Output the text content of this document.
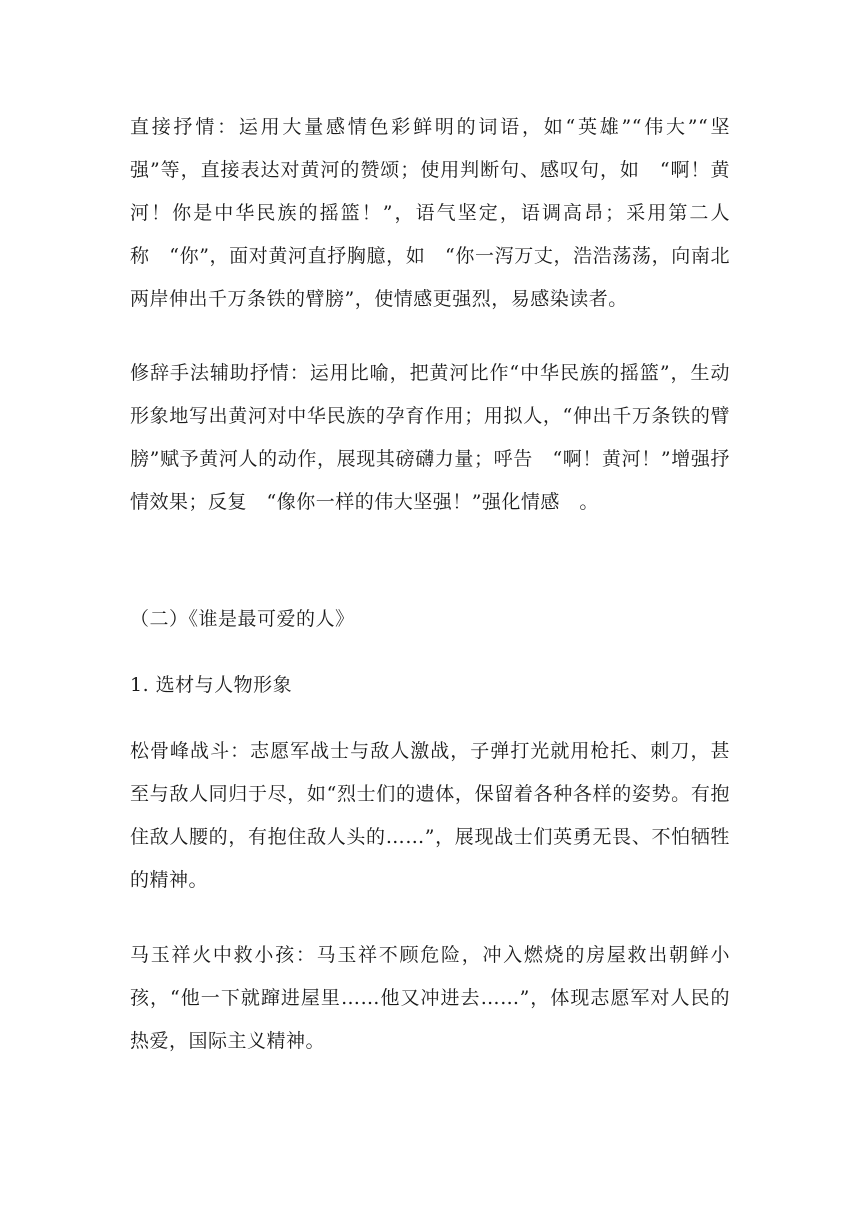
直接抒情：运用大量感情色彩鲜明的词语，如“英雄”“伟大”“坚强”等，直接表达对黄河的赞颂；使用判断句、感叹句，如　“啊！黄河！你是中华民族的摇篮！”，语气坚定，语调高昂；采用第二人称　“你”，面对黄河直抒胸臆，如　“你一泻万丈，浩浩荡荡，向南北两岸伸出千万条铁的臂膀”，使情感更强烈，易感染读者。

修辞手法辅助抒情：运用比喻，把黄河比作“中华民族的摇篮”，生动形象地写出黄河对中华民族的孕育作用；用拟人，“伸出千万条铁的臂膀”赋予黄河人的动作，展现其磅礴力量；呼告　“啊！黄河！”增强抒情效果；反复　“像你一样的伟大坚强！”强化情感　。

（二）《谁是最可爱的人》

1. 选材与人物形象

松骨峰战斗：志愿军战士与敌人激战，子弹打光就用枪托、刺刀，甚至与敌人同归于尽，如“烈士们的遗体，保留着各种各样的姿势。有抱住敌人腰的，有抱住敌人头的……”，展现战士们英勇无畏、不怕牺牲的精神。

马玉祥火中救小孩：马玉祥不顾危险，冲入燃烧的房屋救出朝鲜小孩，“他一下就蹿进屋里……他又冲进去……”，体现志愿军对人民的热爱，国际主义精神。
